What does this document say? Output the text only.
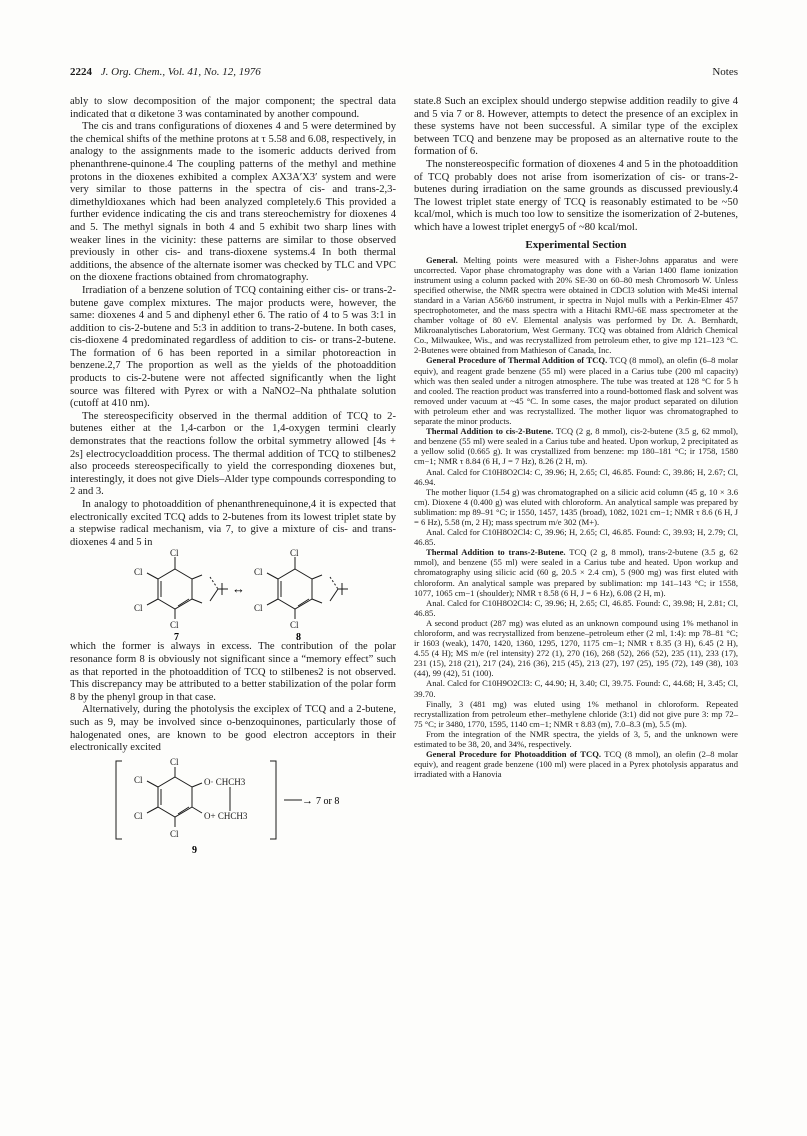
2224 J. Org. Chem., Vol. 41, No. 12, 1976	Notes

ably to slow decomposition of the major component; the spectral data indicated that α diketone 3 was contaminated by another compound.

The cis and trans configurations of dioxenes 4 and 5 were determined by the chemical shifts of the methine protons at τ 5.58 and 6.08, respectively, in analogy to the assignments made to the isomeric adducts derived from phenanthrene-quinone.4 The coupling patterns of the methyl and methine protons in the dioxenes exhibited a complex AX3A′X3′ system and were very similar to those patterns in the spectra of cis- and trans-2,3-dimethyldioxanes which had been analyzed completely.6 This provided a further evidence indicating the cis and trans stereochemistry for dioxenes 4 and 5. The methyl signals in both 4 and 5 exhibit two sharp lines with weaker lines in the vicinity: these patterns are similar to those observed previously in other cis- and trans-dioxene systems.4 In both thermal additions, the absence of the alternate isomer was checked by TLC and VPC on the dioxene fractions obtained from chromatography.

Irradiation of a benzene solution of TCQ containing either cis- or trans-2-butene gave complex mixtures. The major products were, however, the same: dioxenes 4 and 5 and diphenyl ether 6. The ratio of 4 to 5 was 3:1 in addition to cis-2-butene and 5:3 in addition to trans-2-butene. In both cases, cis-dioxene 4 predominated regardless of addition to cis- or trans-2-butene. The formation of 6 has been reported in a similar photoreaction in benzene.2,7 The proportion as well as the yields of the photoaddition products to cis-2-butene were not affected significantly when the light source was filtered with Pyrex or with a NaNO2–Na phthalate solution (cutoff at 410 nm).

The stereospecificity observed in the thermal addition of TCQ to 2-butenes either at the 1,4-carbon or the 1,4-oxygen termini clearly demonstrates that the reactions follow the orbital symmetry allowed [4s + 2s] electrocycloaddition process. The thermal addition of TCQ to stilbenes2 also proceeds stereospecifically to yield the corresponding dioxenes but, interestingly, it does not give Diels–Alder type compounds corresponding to 2 and 3.

In analogy to photoaddition of phenanthrenequinone,4 it is expected that electronically excited TCQ adds to 2-butenes from its lowest triplet state by a stepwise radical mechanism, via 7, to give a mixture of cis- and trans-dioxenes 4 and 5 in

Cl
Cl
Cl
Cl
Cl
Cl
Cl
Cl
↔
7	8

which the former is always in excess. The contribution of the polar resonance form 8 is obviously not significant since a “memory effect” such as that reported in the photoaddition of TCQ to stilbenes2 is not observed. This discrepancy may be attributed to a better stabilization of the polar form 8 by the phenyl group in that case.

Alternatively, during the photolysis the exciplex of TCQ and a 2-butene, such as 9, may be involved since o-benzoquinones, particularly those of halogenated ones, are known to be good electron acceptors in their electronically excited

Cl
Cl
Cl
Cl
O· CHCH3
O+ CHCH3
→ 7 or 8
9

state.8 Such an exciplex should undergo stepwise addition readily to give 4 and 5 via 7 or 8. However, attempts to detect the presence of an exciplex in these systems have not been successful. A similar type of the exciplex between TCQ and benzene may be proposed as an alternative route to the formation of 6.

The nonstereospecific formation of dioxenes 4 and 5 in the photoaddition of TCQ probably does not arise from isomerization of cis- or trans-2-butenes during irradiation on the same grounds as discussed previously.4 The lowest triplet state energy of TCQ is reasonably estimated to be ~50 kcal/mol, which is much too low to sensitize the isomerization of 2-butenes, which have a lowest triplet energy5 of ~80 kcal/mol.

Experimental Section

General. Melting points were measured with a Fisher-Johns apparatus and were uncorrected. Vapor phase chromatography was done with a Varian 1400 flame ionization instrument using a column packed with 20% SE-30 on 60–80 mesh Chromosorb W. Unless specified otherwise, the NMR spectra were obtained in CDCl3 solution with Me4Si internal standard in a Varian A56/60 instrument, ir spectra in Nujol mulls with a Perkin-Elmer 457 spectrophotometer, and the mass spectra with a Hitachi RMU-6E mass spectrometer at the chamber voltage of 80 eV. Elemental analysis was performed by Dr. A. Bernhardt, Mikroanalytisches Laboratorium, West Germany. TCQ was obtained from Aldrich Chemical Co., Milwaukee, Wis., and was recrystallized from petroleum ether, to give mp 121–123 °C. 2-Butenes were obtained from Mathieson of Canada, Inc.

General Procedure of Thermal Addition of TCQ. TCQ (8 mmol), an olefin (6–8 molar equiv), and reagent grade benzene (55 ml) were placed in a Carius tube (200 ml capacity) which was then sealed under a nitrogen atmosphere. The tube was treated at 128 °C for 5 h and cooled. The reaction product was transferred into a round-bottomed flask and solvent was removed under vacuum at ~45 °C. In some cases, the major product separated on dilution with petroleum ether and was recrystallized. The mother liquor was chromatographed to separate the minor products.

Thermal Addition to cis-2-Butene. TCQ (2 g, 8 mmol), cis-2-butene (3.5 g, 62 mmol), and benzene (55 ml) were sealed in a Carius tube and heated. Upon workup, 2 precipitated as a yellow solid (0.665 g). It was crystallized from benzene: mp 180–181 °C; ir 1758, 1580 cm−1; NMR τ 8.84 (6 H, J = 7 Hz), 8.26 (2 H, m).

Anal. Calcd for C10H8O2Cl4: C, 39.96; H, 2.65; Cl, 46.85. Found: C, 39.86; H, 2.67; Cl, 46.94.

The mother liquor (1.54 g) was chromatographed on a silicic acid column (45 g, 10 × 3.6 cm). Dioxene 4 (0.400 g) was eluted with chloroform. An analytical sample was prepared by sublimation: mp 89–91 °C; ir 1550, 1457, 1435 (broad), 1082, 1021 cm−1; NMR τ 8.6 (6 H, J = 6 Hz), 5.58 (m, 2 H); mass spectrum m/e 302 (M+).

Anal. Calcd for C10H8O2Cl4: C, 39.96; H, 2.65; Cl, 46.85. Found: C, 39.93; H, 2.79; Cl, 46.85.

Thermal Addition to trans-2-Butene. TCQ (2 g, 8 mmol), trans-2-butene (3.5 g, 62 mmol), and benzene (55 ml) were sealed in a Carius tube and heated. Upon workup and chromatography using silicic acid (60 g, 20.5 × 2.4 cm), 5 (900 mg) was first eluted with chloroform. An analytical sample was prepared by sublimation: mp 141–143 °C; ir 1558, 1077, 1065 cm−1 (shoulder); NMR τ 8.58 (6 H, J = 6 Hz), 6.08 (2 H, m).

Anal. Calcd for C10H8O2Cl4: C, 39.96; H, 2.65; Cl, 46.85. Found: C, 39.98; H, 2.81; Cl, 46.85.

A second product (287 mg) was eluted as an unknown compound using 1% methanol in chloroform, and was recrystallized from benzene–petroleum ether (2 ml, 1:4): mp 78–81 °C; ir 1603 (weak), 1470, 1420, 1360, 1295, 1270, 1175 cm−1; NMR τ 8.35 (3 H), 6.45 (2 H), 4.55 (4 H); MS m/e (rel intensity) 272 (1), 270 (16), 268 (52), 266 (52), 235 (11), 233 (17), 231 (15), 218 (21), 217 (24), 216 (36), 215 (45), 213 (27), 197 (25), 195 (72), 149 (38), 103 (44), 99 (42), 51 (100).

Anal. Calcd for C10H9O2Cl3: C, 44.90; H, 3.40; Cl, 39.75. Found: C, 44.68; H, 3.45; Cl, 39.70.

Finally, 3 (481 mg) was eluted using 1% methanol in chloroform. Repeated recrystallization from petroleum ether–methylene chloride (3:1) did not give pure 3: mp 72–75 °C; ir 3480, 1770, 1595, 1140 cm−1; NMR τ 8.83 (m), 7.0–8.3 (m), 5.5 (m).

From the integration of the NMR spectra, the yields of 3, 5, and the unknown were estimated to be 38, 20, and 34%, respectively.

General Procedure for Photoaddition of TCQ. TCQ (8 mmol), an olefin (2–8 molar equiv), and reagent grade benzene (100 ml) were placed in a Pyrex photolysis apparatus and irradiated with a Hanovia
